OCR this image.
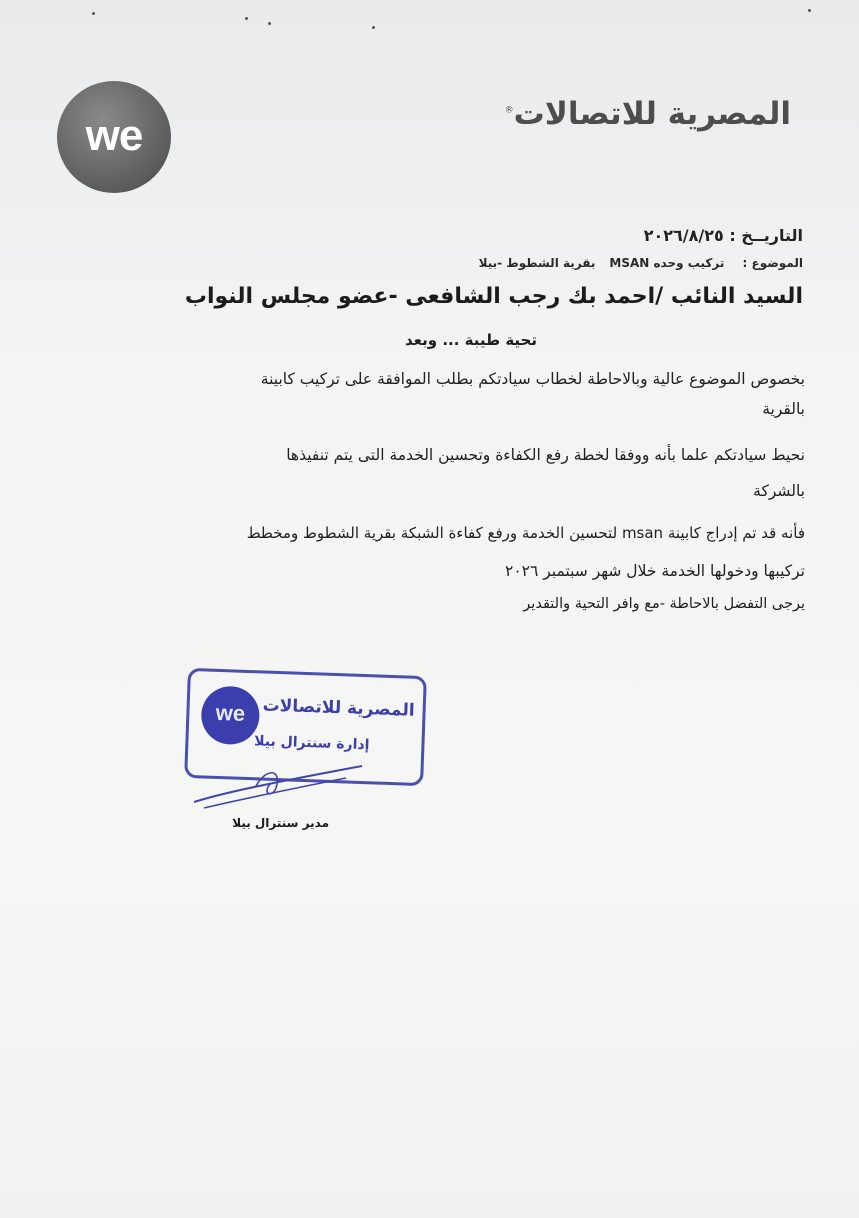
we	المصرية للاتصالات®
التاريــخ : ٢٠٢٦/٨/٢٥
الموضوع : تركيب وحده MSANبقرية الشطوط -بيلا
السيد النائب /احمد بك رجب الشافعى -عضو مجلس النواب
تحية طيبة ... وبعد
بخصوص الموضوع عالية وبالاحاطة لخطاب سيادتكم بطلب الموافقة على تركيب كابينة
بالقرية
نحيط سيادتكم علما بأنه ووفقا لخطة رفع الكفاءة وتحسين الخدمة التى يتم تنفيذها
بالشركة
فأنه قد تم إدراج كابينة msan لتحسين الخدمة ورفع كفاءة الشبكة بقرية الشطوط ومخطط
تركيبها ودخولها الخدمة خلال شهر سبتمبر ٢٠٢٦
يرجى التفضل بالاحاطة -مع وافر التحية والتقدير
we المصرية للاتصالات
إدارة سنترال بيلا
مدير سنترال بيلا
